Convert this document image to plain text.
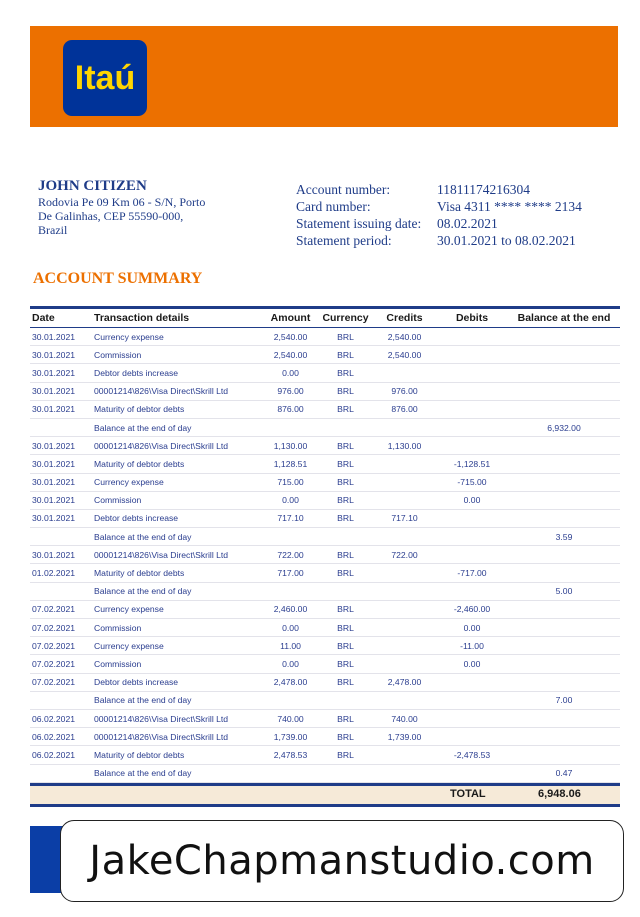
Itaú
JOHN CITIZEN
Rodovia Pe 09 Km 06 - S/N, Porto
De Galinhas, CEP 55590-000,
Brazil
Account number:	11811174216304
Card number:	Visa 4311 **** **** 2134
Statement issuing date:	08.02.2021
Statement period:	30.01.2021 to 08.02.2021
ACCOUNT SUMMARY
Date	Transaction details	Amount	Currency	Credits	Debits	Balance at the end
30.01.2021	Currency expense	2,540.00	BRL	2,540.00		
30.01.2021	Commission	2,540.00	BRL	2,540.00		
30.01.2021	Debtor debts increase	0.00	BRL			
30.01.2021	00001214\826\Visa Direct\Skrill Ltd	976.00	BRL	976.00		
30.01.2021	Maturity of debtor debts	876.00	BRL	876.00		
	Balance at the end of day					6,932.00
30.01.2021	00001214\826\Visa Direct\Skrill Ltd	1,130.00	BRL	1,130.00		
30.01.2021	Maturity of debtor debts	1,128.51	BRL		-1,128.51	
30.01.2021	Currency expense	715.00	BRL		-715.00	
30.01.2021	Commission	0.00	BRL		0.00	
30.01.2021	Debtor debts increase	717.10	BRL	717.10		
	Balance at the end of day					3.59
30.01.2021	00001214\826\Visa Direct\Skrill Ltd	722.00	BRL	722.00		
01.02.2021	Maturity of debtor debts	717.00	BRL		-717.00	
	Balance at the end of day					5.00
07.02.2021	Currency expense	2,460.00	BRL		-2,460.00	
07.02.2021	Commission	0.00	BRL		0.00	
07.02.2021	Currency expense	11.00	BRL		-11.00	
07.02.2021	Commission	0.00	BRL		0.00	
07.02.2021	Debtor debts increase	2,478.00	BRL	2,478.00		
	Balance at the end of day					7.00
06.02.2021	00001214\826\Visa Direct\Skrill Ltd	740.00	BRL	740.00		
06.02.2021	00001214\826\Visa Direct\Skrill Ltd	1,739.00	BRL	1,739.00		
06.02.2021	Maturity of debtor debts	2,478.53	BRL		-2,478.53	
	Balance at the end of day					0.47
TOTAL	6,948.06
JakeChapmanstudio.com
